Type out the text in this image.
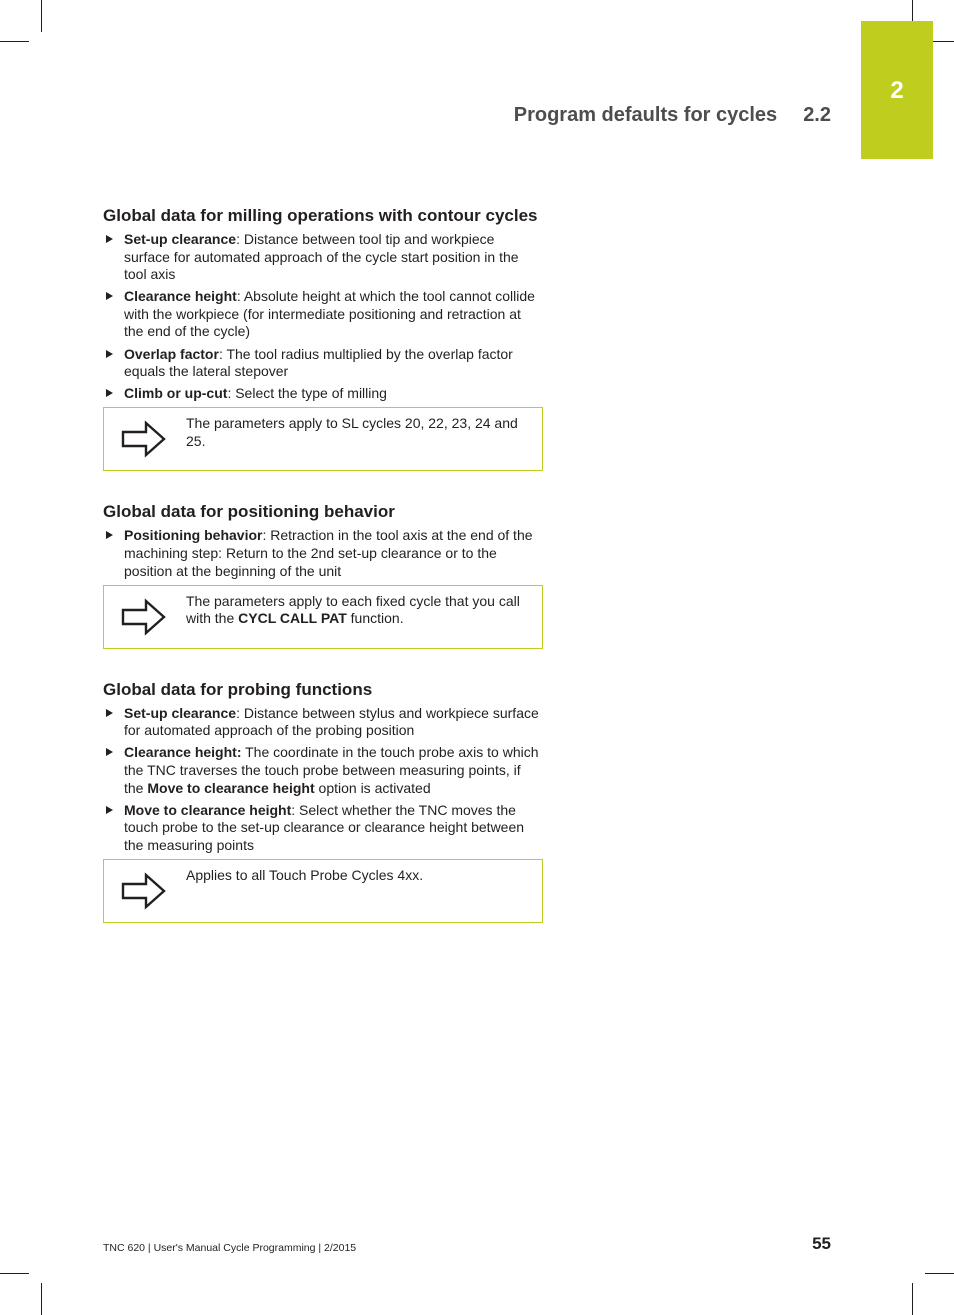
2
Program defaults for cycles 2.2
Global data for milling operations with contour cycles
Set-up clearance: Distance between tool tip and workpiece surface for automated approach of the cycle start position in the tool axis
Clearance height: Absolute height at which the tool cannot collide with the workpiece (for intermediate positioning and retraction at the end of the cycle)
Overlap factor: The tool radius multiplied by the overlap factor equals the lateral stepover
Climb or up-cut: Select the type of milling
The parameters apply to SL cycles 20, 22, 23, 24 and 25.
Global data for positioning behavior
Positioning behavior: Retraction in the tool axis at the end of the machining step: Return to the 2nd set-up clearance or to the position at the beginning of the unit
The parameters apply to each fixed cycle that you call with the CYCL CALL PAT function.
Global data for probing functions
Set-up clearance: Distance between stylus and workpiece surface for automated approach of the probing position
Clearance height: The coordinate in the touch probe axis to which the TNC traverses the touch probe between measuring points, if the Move to clearance height option is activated
Move to clearance height: Select whether the TNC moves the touch probe to the set-up clearance or clearance height between the measuring points
Applies to all Touch Probe Cycles 4xx.
TNC 620 | User's Manual Cycle Programming | 2/2015	55
